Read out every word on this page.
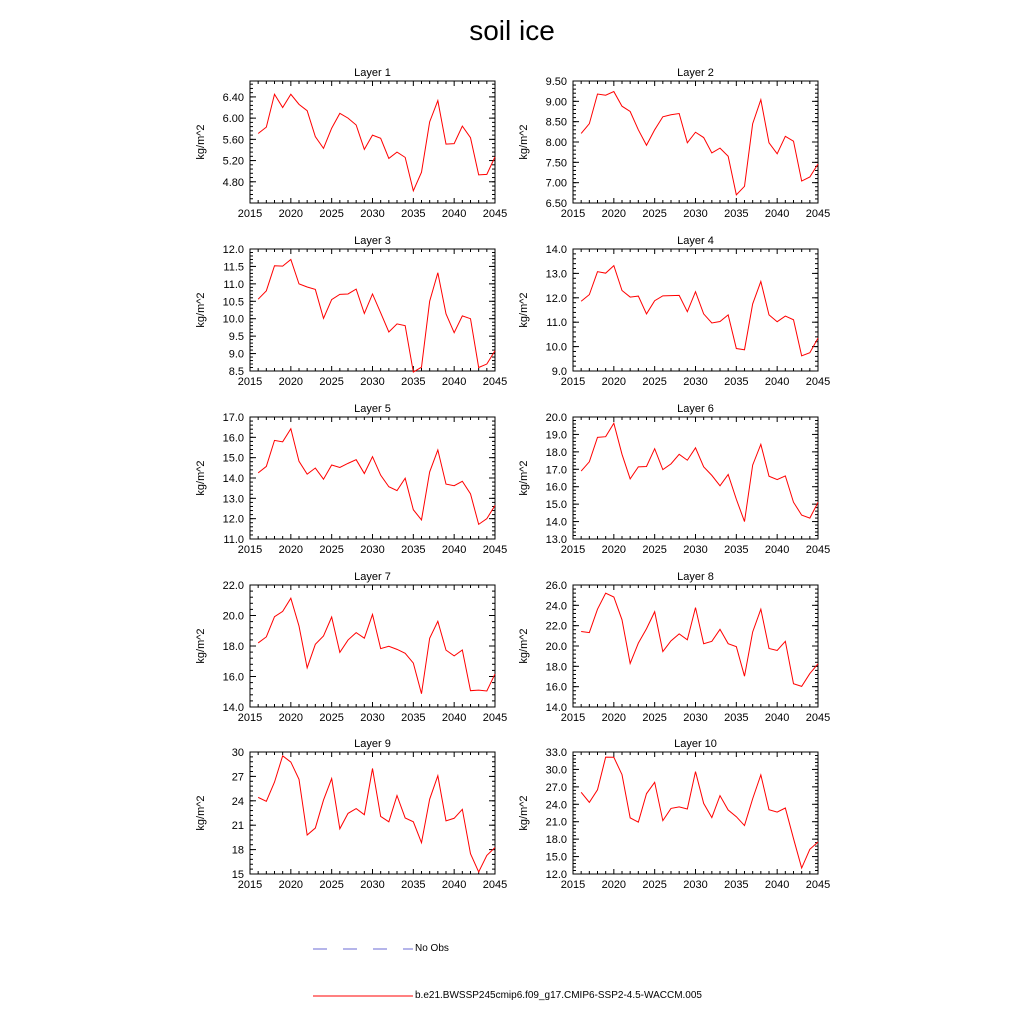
soil ice
Layer 1
kg/m^2
2015 2020 2025 2030 2035 2040 2045
4.80
5.20
5.60
6.00
6.40
Layer 2
kg/m^2
2015 2020 2025 2030 2035 2040 2045
6.50
7.00
7.50
8.00
8.50
9.00
9.50
Layer 3
kg/m^2
2015 2020 2025 2030 2035 2040 2045
8.5
9.0
9.5
10.0
10.5
11.0
11.5
12.0
Layer 4
kg/m^2
2015 2020 2025 2030 2035 2040 2045
9.0
10.0
11.0
12.0
13.0
14.0
Layer 5
kg/m^2
2015 2020 2025 2030 2035 2040 2045
11.0
12.0
13.0
14.0
15.0
16.0
17.0
Layer 6
kg/m^2
2015 2020 2025 2030 2035 2040 2045
13.0
14.0
15.0
16.0
17.0
18.0
19.0
20.0
Layer 7
kg/m^2
2015 2020 2025 2030 2035 2040 2045
14.0
16.0
18.0
20.0
22.0
Layer 8
kg/m^2
2015 2020 2025 2030 2035 2040 2045
14.0
16.0
18.0
20.0
22.0
24.0
26.0
Layer 9
kg/m^2
2015 2020 2025 2030 2035 2040 2045
15
18
21
24
27
30
Layer 10
kg/m^2
2015 2020 2025 2030 2035 2040 2045
12.0
15.0
18.0
21.0
24.0
27.0
30.0
33.0
No Obs
b.e21.BWSSP245cmip6.f09_g17.CMIP6-SSP2-4.5-WACCM.005
